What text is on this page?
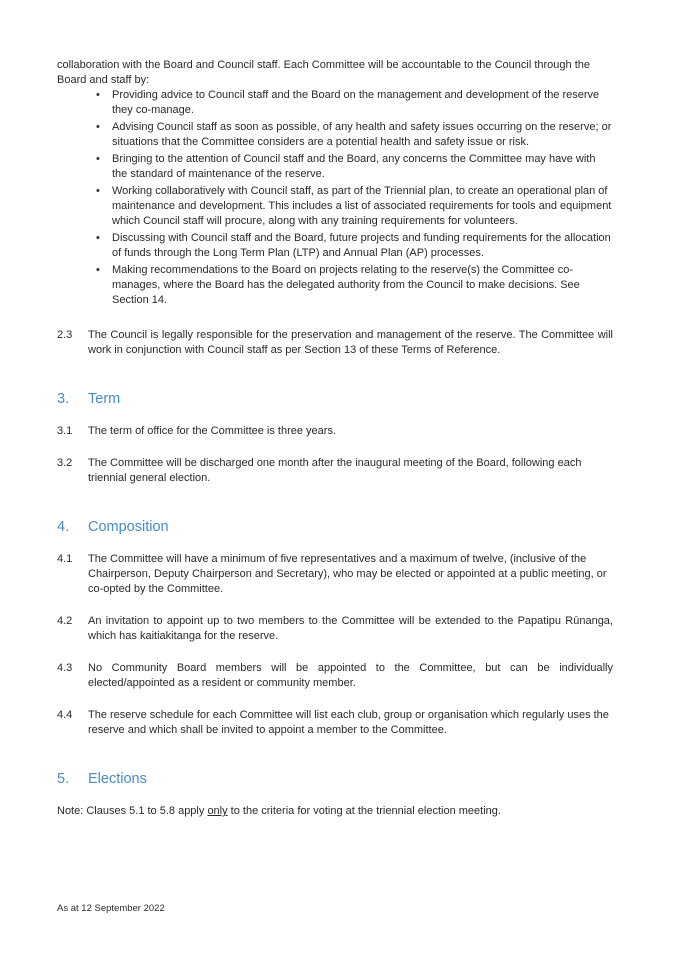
collaboration with the Board and Council staff. Each Committee will be accountable to the Council through the Board and staff by:

• Providing advice to Council staff and the Board on the management and development of the reserve they co-manage.
• Advising Council staff as soon as possible, of any health and safety issues occurring on the reserve; or situations that the Committee considers are a potential health and safety issue or risk.
• Bringing to the attention of Council staff and the Board, any concerns the Committee may have with the standard of maintenance of the reserve.
• Working collaboratively with Council staff, as part of the Triennial plan, to create an operational plan of maintenance and development. This includes a list of associated requirements for tools and equipment which Council staff will procure, along with any training requirements for volunteers.
• Discussing with Council staff and the Board, future projects and funding requirements for the allocation of funds through the Long Term Plan (LTP) and Annual Plan (AP) processes.
• Making recommendations to the Board on projects relating to the reserve(s) the Committee co-manages, where the Board has the delegated authority from the Council to make decisions. See Section 14.
2.3	The Council is legally responsible for the preservation and management of the reserve. The Committee will work in conjunction with Council staff as per Section 13 of these Terms of Reference.
3.	Term
3.1	The term of office for the Committee is three years.
3.2	The Committee will be discharged one month after the inaugural meeting of the Board, following each triennial general election.
4.	Composition
4.1	The Committee will have a minimum of five representatives and a maximum of twelve, (inclusive of the Chairperson, Deputy Chairperson and Secretary), who may be elected or appointed at a public meeting, or co-opted by the Committee.
4.2	An invitation to appoint up to two members to the Committee will be extended to the Papatipu Rūnanga, which has kaitiakitanga for the reserve.
4.3	No Community Board members will be appointed to the Committee, but can be individually elected/appointed as a resident or community member.
4.4	The reserve schedule for each Committee will list each club, group or organisation which regularly uses the reserve and which shall be invited to appoint a member to the Committee.
5.	Elections

Note: Clauses 5.1 to 5.8 apply only to the criteria for voting at the triennial election meeting.

As at 12 September 2022
